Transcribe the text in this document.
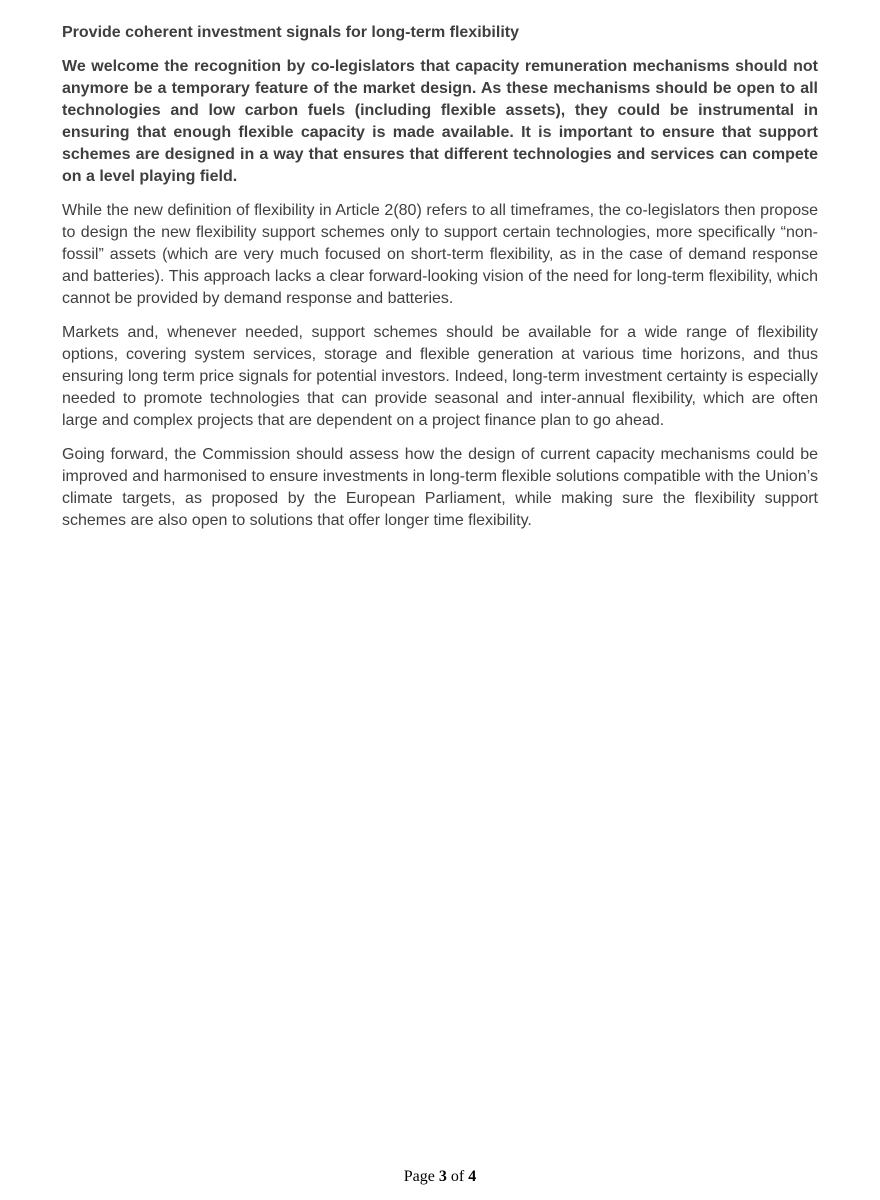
Provide coherent investment signals for long-term flexibility

We welcome the recognition by co-legislators that capacity remuneration mechanisms should not anymore be a temporary feature of the market design. As these mechanisms should be open to all technologies and low carbon fuels (including flexible assets), they could be instrumental in ensuring that enough flexible capacity is made available. It is important to ensure that support schemes are designed in a way that ensures that different technologies and services can compete on a level playing field.

While the new definition of flexibility in Article 2(80) refers to all timeframes, the co-legislators then propose to design the new flexibility support schemes only to support certain technologies, more specifically “non-fossil” assets (which are very much focused on short-term flexibility, as in the case of demand response and batteries). This approach lacks a clear forward-looking vision of the need for long-term flexibility, which cannot be provided by demand response and batteries.

Markets and, whenever needed, support schemes should be available for a wide range of flexibility options, covering system services, storage and flexible generation at various time horizons, and thus ensuring long term price signals for potential investors. Indeed, long-term investment certainty is especially needed to promote technologies that can provide seasonal and inter-annual flexibility, which are often large and complex projects that are dependent on a project finance plan to go ahead.

Going forward, the Commission should assess how the design of current capacity mechanisms could be improved and harmonised to ensure investments in long-term flexible solutions compatible with the Union’s climate targets, as proposed by the European Parliament, while making sure the flexibility support schemes are also open to solutions that offer longer time flexibility.

Page 3 of 4
